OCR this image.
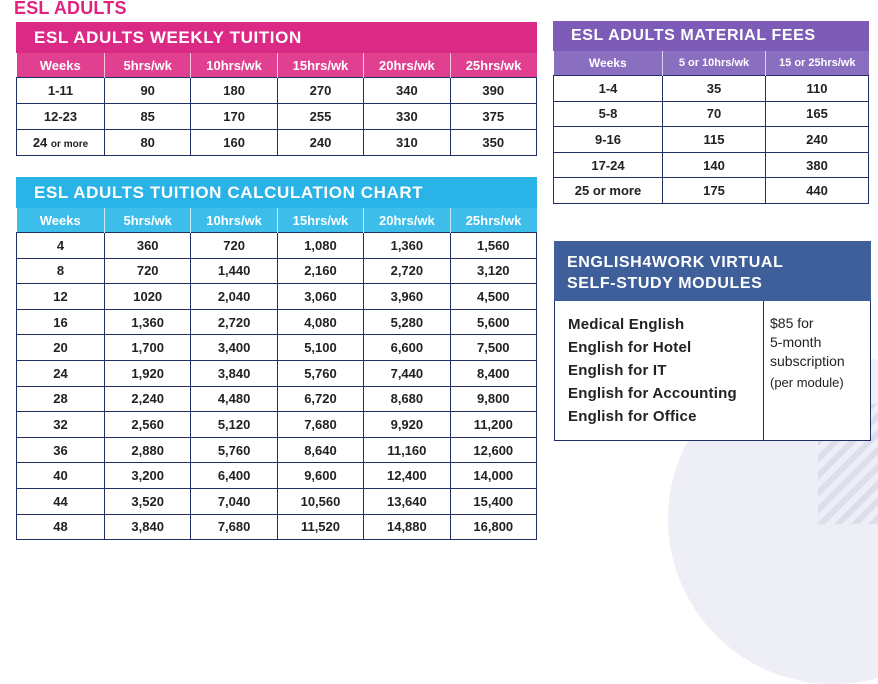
ESL ADULTS
ESL ADULTS WEEKLY TUITION
Weeks	5hrs/wk	10hrs/wk	15hrs/wk	20hrs/wk	25hrs/wk
1-11	90	180	270	340	390
12-23	85	170	255	330	375
24 or more	80	160	240	310	350
ESL ADULTS TUITION CALCULATION CHART
Weeks	5hrs/wk	10hrs/wk	15hrs/wk	20hrs/wk	25hrs/wk
4	360	720	1,080	1,360	1,560
8	720	1,440	2,160	2,720	3,120
12	1020	2,040	3,060	3,960	4,500
16	1,360	2,720	4,080	5,280	5,600
20	1,700	3,400	5,100	6,600	7,500
24	1,920	3,840	5,760	7,440	8,400
28	2,240	4,480	6,720	8,680	9,800
32	2,560	5,120	7,680	9,920	11,200
36	2,880	5,760	8,640	11,160	12,600
40	3,200	6,400	9,600	12,400	14,000
44	3,520	7,040	10,560	13,640	15,400
48	3,840	7,680	11,520	14,880	16,800
ESL ADULTS MATERIAL FEES
Weeks	5 or 10hrs/wk	15 or 25hrs/wk
1-4	35	110
5-8	70	165
9-16	115	240
17-24	140	380
25 or more	175	440
ENGLISH4WORK VIRTUAL
SELF-STUDY MODULES
Medical English
English for Hotel
English for IT
English for Accounting
English for Office
$85 for
5-month
subscription
(per module)
